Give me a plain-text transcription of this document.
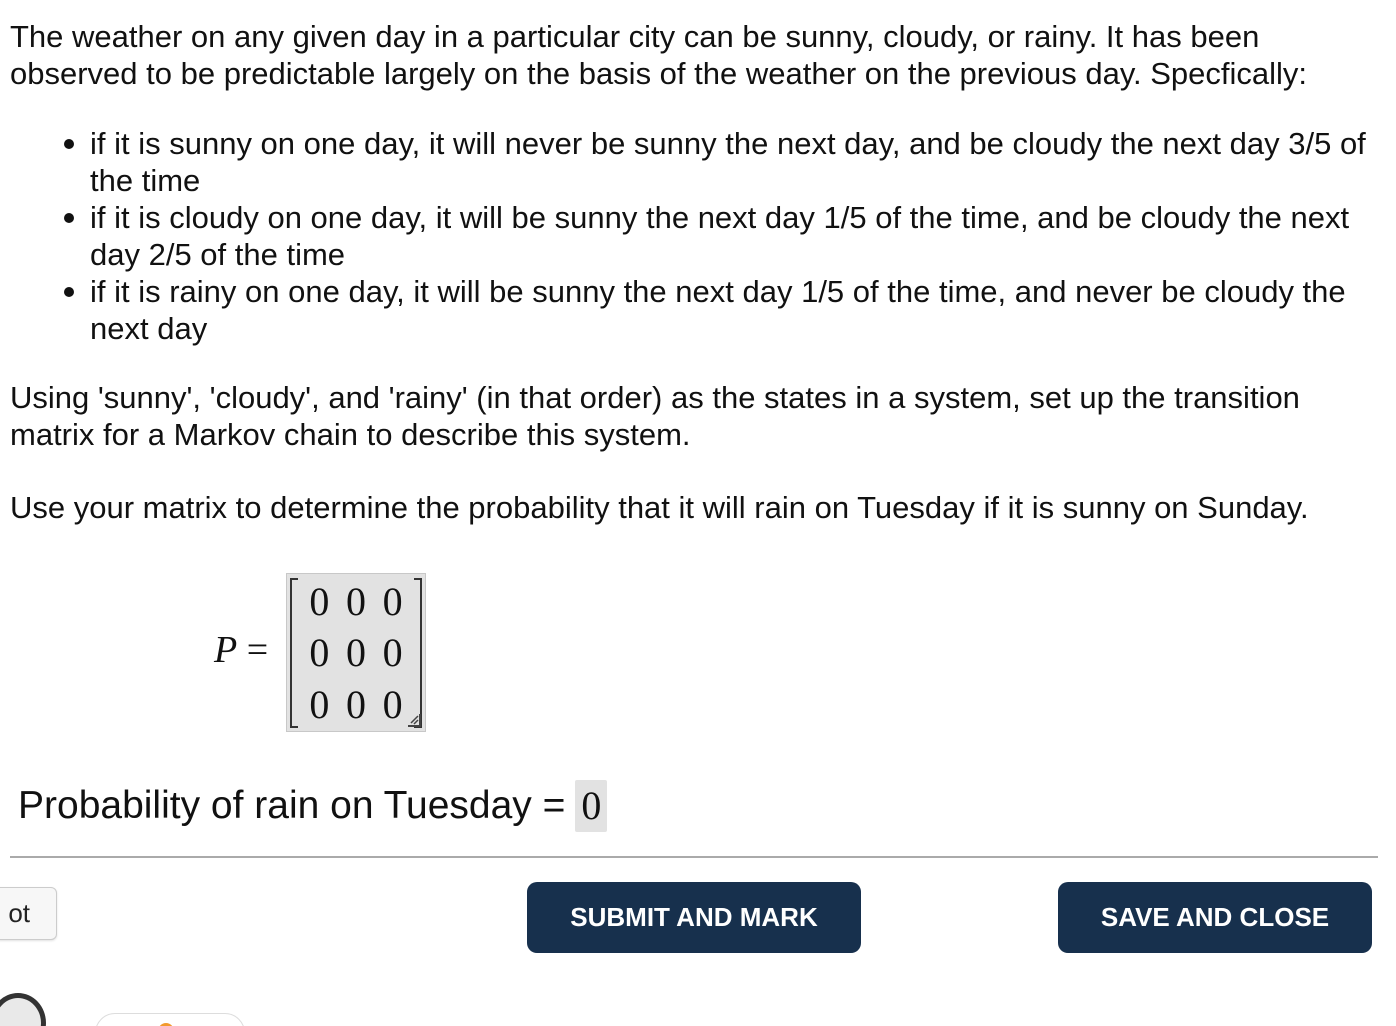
The weather on any given day in a particular city can be sunny, cloudy, or rainy. It has been observed to be predictable largely on the basis of the weather on the previous day. Specfically:
if it is sunny on one day, it will never be sunny the next day, and be cloudy the next day 3/5 of the time
if it is cloudy on one day, it will be sunny the next day 1/5 of the time, and be cloudy the next day 2/5 of the time
if it is rainy on one day, it will be sunny the next day 1/5 of the time, and never be cloudy the next day
Using 'sunny', 'cloudy', and 'rainy' (in that order) as the states in a system, set up the transition matrix for a Markov chain to describe this system.
Use your matrix to determine the probability that it will rain on Tuesday if it is sunny on Sunday.
P =
0 0 0
0 0 0
0 0 0
Probability of rain on Tuesday = 0
ot	SUBMIT AND MARK	SAVE AND CLOSE
